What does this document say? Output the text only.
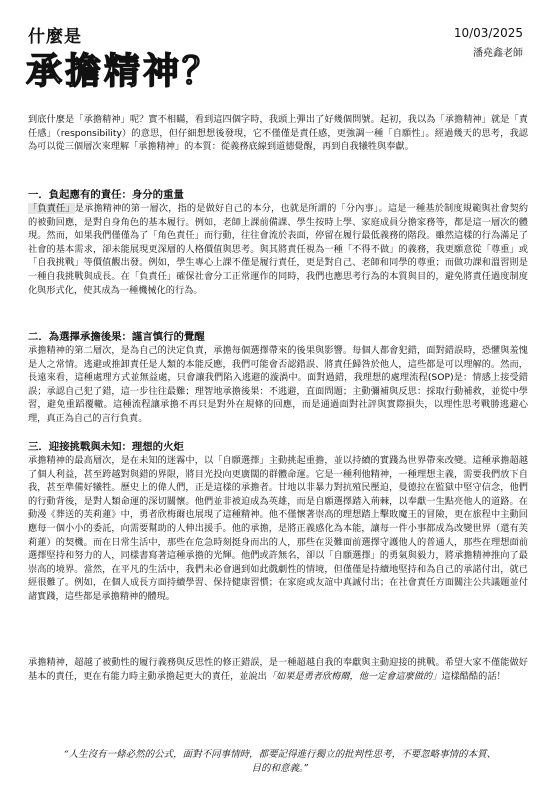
什麼是
承擔精神？
10/03/2025
潘堯鑫老師
到底什麼是「承擔精神」呢？實不相瞞，看到這四個字時，我頭上彈出了好幾個問號。起初，我以為「承擔精神」就是「責任感」（responsibility）的意思，但仔細想想後發現，它不僅僅是責任感，更強調一種「自願性」。經過幾天的思考，我認為可以從三個層次來理解「承擔精神」的本質：從義務底線到道德覺醒，再到自我犧牲與奉獻。
一．負起應有的責任：身分的重量
「負責任」是承擔精神的第一層次，指的是做好自己的本分，也就是所謂的「分內事」。這是一種基於制度規範與社會契約的被動回應，是對自身角色的基本履行。例如，老師上課前備課、學生按時上學、家庭成員分擔家務等，都是這一層次的體現。然而，如果我們僅僅為了「角色責任」而行動，往往會流於表面，停留在履行最低義務的階段。雖然這樣的行為滿足了社會的基本需求，卻未能展現更深層的人格價值與思考。與其將責任視為一種「不得不做」的義務，我更願意從「尊重」或「自我挑戰」等價值觀出發。例如，學生專心上課不僅是履行責任，更是對自己、老師和同學的尊重；而做功課和溫習則是一種自我挑戰與成長。在「負責任」確保社會分工正常運作的同時，我們也應思考行為的本質與目的，避免將責任過度制度化與形式化，使其成為一種機械化的行為。
二．為選擇承擔後果：謹言慎行的覺醒
承擔精神的第二層次，是為自己的決定負責，承擔每個選擇帶來的後果與影響。每個人都會犯錯，面對錯誤時，恐懼與羞愧是人之常情。逃避或推卸責任是人類的本能反應，我們可能會否認錯誤、將責任歸咎於他人，這些都是可以理解的。然而，長遠來看，這種處理方式並無益處，只會讓我們陷入逃避的漩渦中。面對過錯，我理想的處理流程(SOP)是：情感上接受錯誤；承認自己犯了錯，這一步往往最難；理智地承擔後果：不逃避，直面問題；主動彌補與反思：採取行動補救，並從中學習，避免重蹈覆轍。這種流程讓承擔不再只是對外在規條的回應，而是通過面對社評與實際損失，以理性思考戰勝逃避心理，真正為自己的言行負責。
三．迎接挑戰與未知：理想的火炬
承擔精神的最高層次，是在未知的迷霧中，以「自願選擇」主動挑起重擔，並以持續的實踐為世界帶來改變。這種承擔超越了個人利益，甚至跨越對與錯的界限，將目光投向更廣闊的群體命運。它是一種利他精神，一種理想主義，需要我們放下自我，甚至準備好犧牲。歷史上的偉人們，正是這樣的承擔者。甘地以非暴力對抗殖民壓迫，曼德拉在監獄中堅守信念，他們的行動背後，是對人類命運的深切關懷。他們並非被迫成為英雄，而是自願選擇踏入荊棘，以奉獻一生點亮他人的道路。在動漫《葬送的芙莉蓮》中，勇者欣梅爾也展現了這種精神。他不僅懷著崇高的理想踏上擊敗魔王的冒險，更在旅程中主動回應每一個小小的委託，向需要幫助的人伸出援手。他的承擔，是將正義感化為本能，讓每一件小事都成為改變世界（還有芙莉蓮）的契機。而在日常生活中，那些在危急時刻挺身而出的人，那些在災難面前選擇守護他人的普通人，那些在理想面前選擇堅持和努力的人，同樣書寫著這種承擔的光輝。他們或許無名，卻以「自願選擇」的勇氣與毅力，將承擔精神推向了最崇高的境界。當然，在平凡的生活中，我們未必會遇到如此戲劇性的情境，但僅僅是持續地堅持和為自己的承諾付出，就已經很難了。例如，在個人成長方面持續學習、保持健康習慣；在家庭或友誼中真誠付出；在社會責任方面關注公共議題並付諸實踐，這些都是承擔精神的體現。
承擔精神，超越了被動性的履行義務與反思性的修正錯誤，是一種超越自我的奉獻與主動迎接的挑戰。希望大家不僅能做好基本的責任，更在有能力時主動承擔起更大的責任，並說出「如果是勇者欣梅爾，他一定會這麼做的」這樣酷酷的話！
“人生沒有一條必然的公式，面對不同事情時，都要記得進行獨立的批判性思考，不要忽略事情的本質、目的和意義。”
